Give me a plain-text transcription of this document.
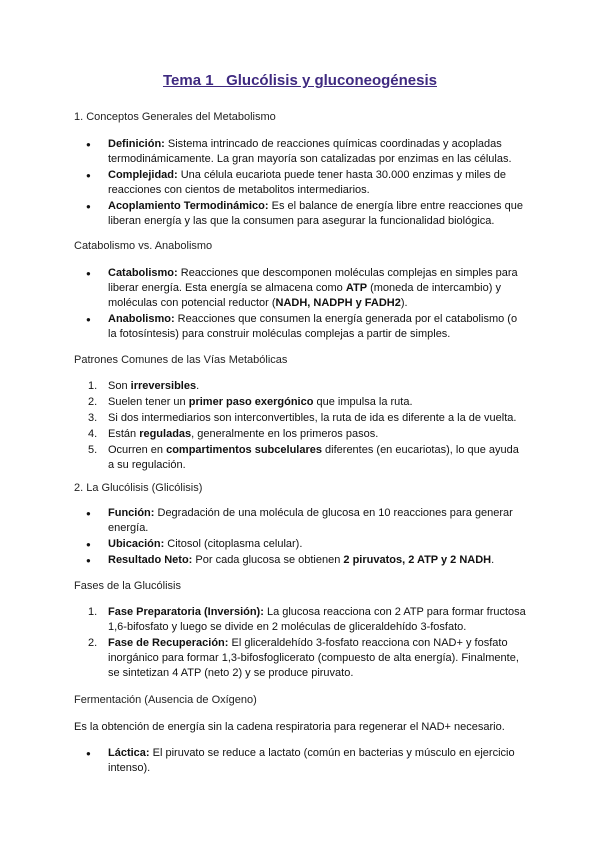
Tema 1_ Glucólisis y gluconeogénesis
1. Conceptos Generales del Metabolismo
● Definición: Sistema intrincado de reacciones químicas coordinadas y acopladas termodinámicamente. La gran mayoría son catalizadas por enzimas en las células.
● Complejidad: Una célula eucariota puede tener hasta 30.000 enzimas y miles de reacciones con cientos de metabolitos intermediarios.
● Acoplamiento Termodinámico: Es el balance de energía libre entre reacciones que liberan energía y las que la consumen para asegurar la funcionalidad biológica.
Catabolismo vs. Anabolismo
● Catabolismo: Reacciones que descomponen moléculas complejas en simples para liberar energía. Esta energía se almacena como ATP (moneda de intercambio) y moléculas con potencial reductor (NADH, NADPH y FADH2).
● Anabolismo: Reacciones que consumen la energía generada por el catabolismo (o la fotosíntesis) para construir moléculas complejas a partir de simples.
Patrones Comunes de las Vías Metabólicas
1. Son irreversibles.
2. Suelen tener un primer paso exergónico que impulsa la ruta.
3. Si dos intermediarios son interconvertibles, la ruta de ida es diferente a la de vuelta.
4. Están reguladas, generalmente en los primeros pasos.
5. Ocurren en compartimentos subcelulares diferentes (en eucariotas), lo que ayuda a su regulación.
2. La Glucólisis (Glicólisis)
● Función: Degradación de una molécula de glucosa en 10 reacciones para generar energía.
● Ubicación: Citosol (citoplasma celular).
● Resultado Neto: Por cada glucosa se obtienen 2 piruvatos, 2 ATP y 2 NADH.
Fases de la Glucólisis
1. Fase Preparatoria (Inversión): La glucosa reacciona con 2 ATP para formar fructosa 1,6-bifosfato y luego se divide en 2 moléculas de gliceraldehído 3-fosfato.
2. Fase de Recuperación: El gliceraldehído 3-fosfato reacciona con NAD+ y fosfato inorgánico para formar 1,3-bifosfoglicerato (compuesto de alta energía). Finalmente, se sintetizan 4 ATP (neto 2) y se produce piruvato.
Fermentación (Ausencia de Oxígeno)
Es la obtención de energía sin la cadena respiratoria para regenerar el NAD+ necesario.
● Láctica: El piruvato se reduce a lactato (común en bacterias y músculo en ejercicio intenso).
